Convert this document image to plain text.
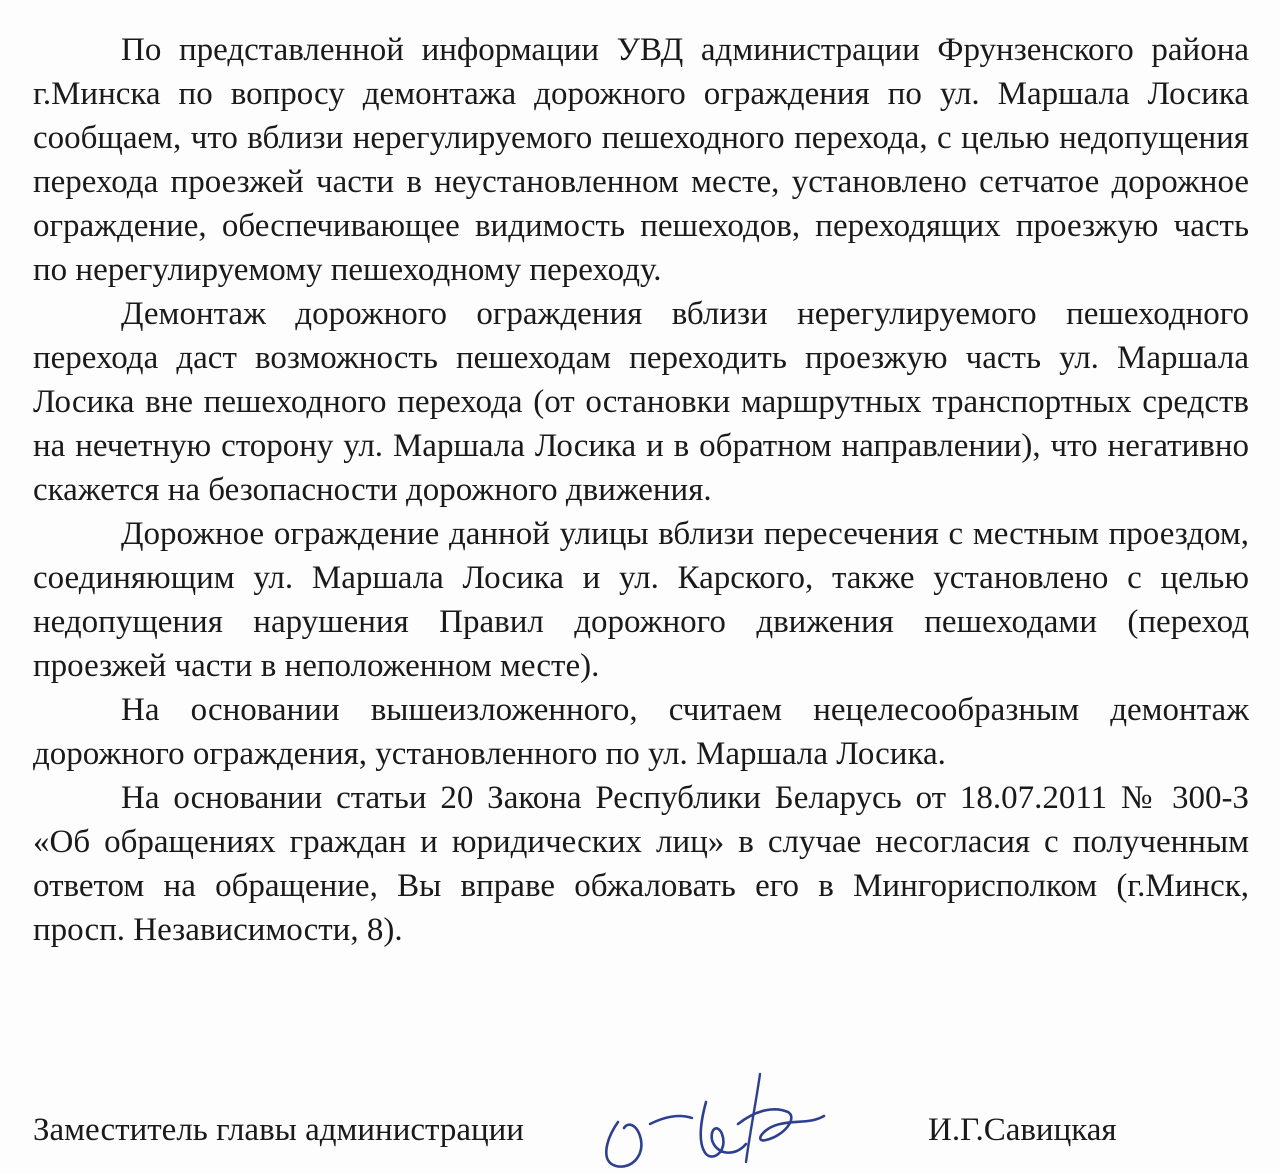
По представленной информации УВД администрации Фрунзенского района г.Минска по вопросу демонтажа дорожного ограждения по ул. Маршала Лосика сообщаем, что вблизи нерегулируемого пешеходного перехода, с целью недопущения перехода проезжей части в неустановленном месте, установлено сетчатое дорожное ограждение, обеспечивающее видимость пешеходов, переходящих проезжую часть по нерегулируемому пешеходному переходу.

Демонтаж дорожного ограждения вблизи нерегулируемого пешеходного перехода даст возможность пешеходам переходить проезжую часть ул. Маршала Лосика вне пешеходного перехода (от остановки маршрутных транспортных средств на нечетную сторону ул. Маршала Лосика и в обратном направлении), что негативно скажется на безопасности дорожного движения.

Дорожное ограждение данной улицы вблизи пересечения с местным проездом, соединяющим ул. Маршала Лосика и ул. Карского, также установлено с целью недопущения нарушения Правил дорожного движения пешеходами (переход проезжей части в неположенном месте).

На основании вышеизложенного, считаем нецелесообразным демонтаж дорожного ограждения, установленного по ул. Маршала Лосика.

На основании статьи 20 Закона Республики Беларусь от 18.07.2011 № 300-З «Об обращениях граждан и юридических лиц» в случае несогласия с полученным ответом на обращение, Вы вправе обжаловать его в Мингорисполком (г.Минск, просп. Независимости, 8).

Заместитель главы администрации	И.Г.Савицкая
